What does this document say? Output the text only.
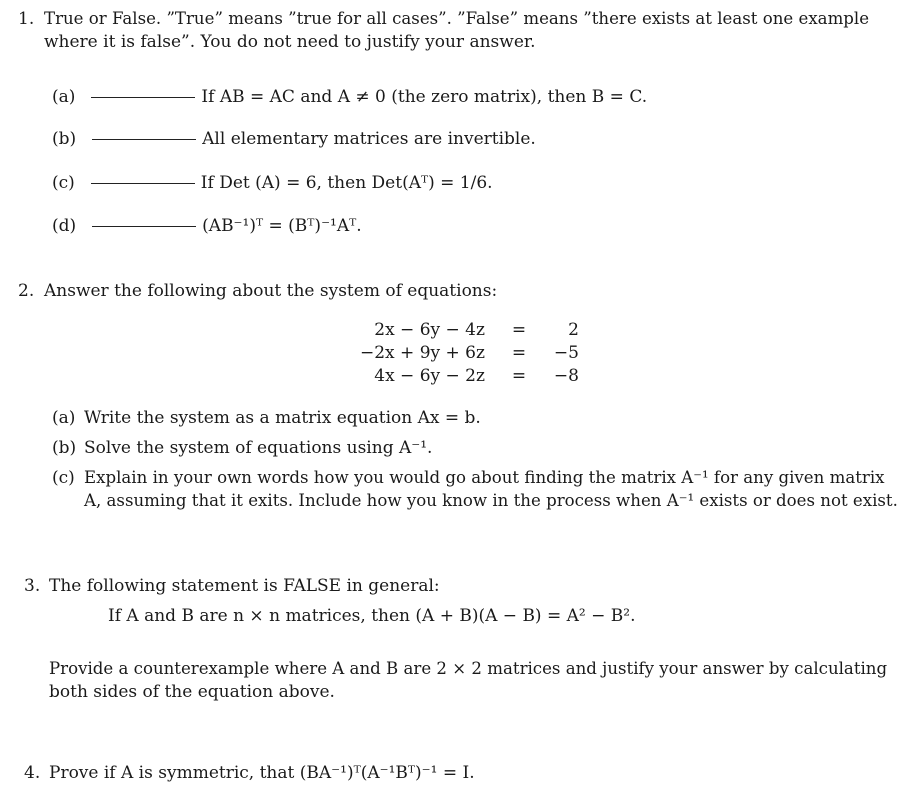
1. True or False. ”True” means ”true for all cases”. ”False” means ”there exists at least one example
where it is false”. You do not need to justify your answer.
(a)	If AB = AC and A ≠ 0 (the zero matrix), then B = C.
(b)	All elementary matrices are invertible.
(c)	If Det (A) = 6, then Det(Aᵀ) = 1/6.
(d)	(AB⁻¹)ᵀ = (Bᵀ)⁻¹Aᵀ.
2. Answer the following about the system of equations:
2x − 6y − 4z	=	2
−2x + 9y + 6z	=	−5
4x − 6y − 2z	=	−8
(a) Write the system as a matrix equation Ax = b.
(b) Solve the system of equations using A⁻¹.
(c) Explain in your own words how you would go about finding the matrix A⁻¹ for any given matrix
A, assuming that it exits. Include how you know in the process when A⁻¹ exists or does not exist.
3. The following statement is FALSE in general:
If A and B are n × n matrices, then (A + B)(A − B) = A² − B².
Provide a counterexample where A and B are 2 × 2 matrices and justify your answer by calculating
both sides of the equation above.
4. Prove if A is symmetric, that (BA⁻¹)ᵀ(A⁻¹Bᵀ)⁻¹ = I.
